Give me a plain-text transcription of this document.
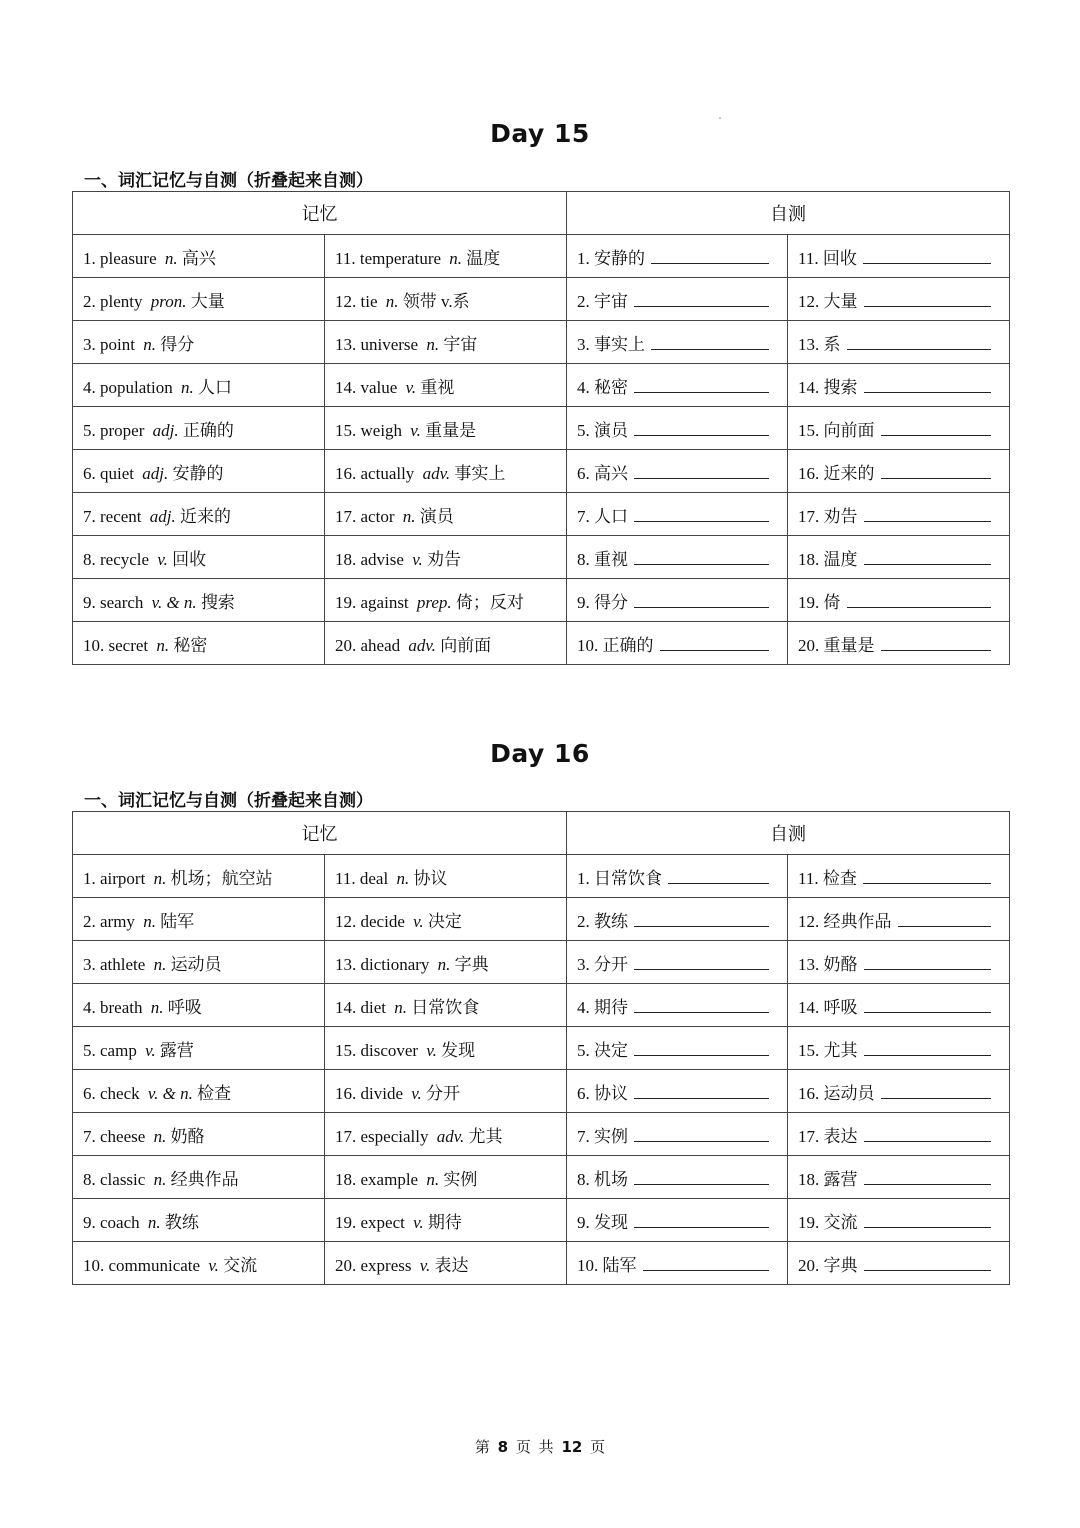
Day 15
一、词汇记忆与自测（折叠起来自测）
记忆		自测	
1. pleasure n. 高兴	11. temperature n. 温度	1. 安静的	11. 回收
2. plenty pron. 大量	12. tie n. 领带 v.系	2. 宇宙	12. 大量
3. point n. 得分	13. universe n. 宇宙	3. 事实上	13. 系
4. population n. 人口	14. value v. 重视	4. 秘密	14. 搜索
5. proper adj. 正确的	15. weigh v. 重量是	5. 演员	15. 向前面
6. quiet adj. 安静的	16. actually adv. 事实上	6. 高兴	16. 近来的
7. recent adj. 近来的	17. actor n. 演员	7. 人口	17. 劝告
8. recycle v. 回收	18. advise v. 劝告	8. 重视	18. 温度
9. search v. & n. 搜索	19. against prep. 倚；反对	9. 得分	19. 倚
10. secret n. 秘密	20. ahead adv. 向前面	10. 正确的	20. 重量是
Day 16
一、词汇记忆与自测（折叠起来自测）
记忆		自测	
1. airport n. 机场；航空站	11. deal n. 协议	1. 日常饮食	11. 检查
2. army n. 陆军	12. decide v. 决定	2. 教练	12. 经典作品
3. athlete n. 运动员	13. dictionary n. 字典	3. 分开	13. 奶酪
4. breath n. 呼吸	14. diet n. 日常饮食	4. 期待	14. 呼吸
5. camp v. 露营	15. discover v. 发现	5. 决定	15. 尤其
6. check v. & n. 检查	16. divide v. 分开	6. 协议	16. 运动员
7. cheese n. 奶酪	17. especially adv. 尤其	7. 实例	17. 表达
8. classic n. 经典作品	18. example n. 实例	8. 机场	18. 露营
9. coach n. 教练	19. expect v. 期待	9. 发现	19. 交流
10. communicate v. 交流	20. express v. 表达	10. 陆军	20. 字典
第 8 页 共 12 页
